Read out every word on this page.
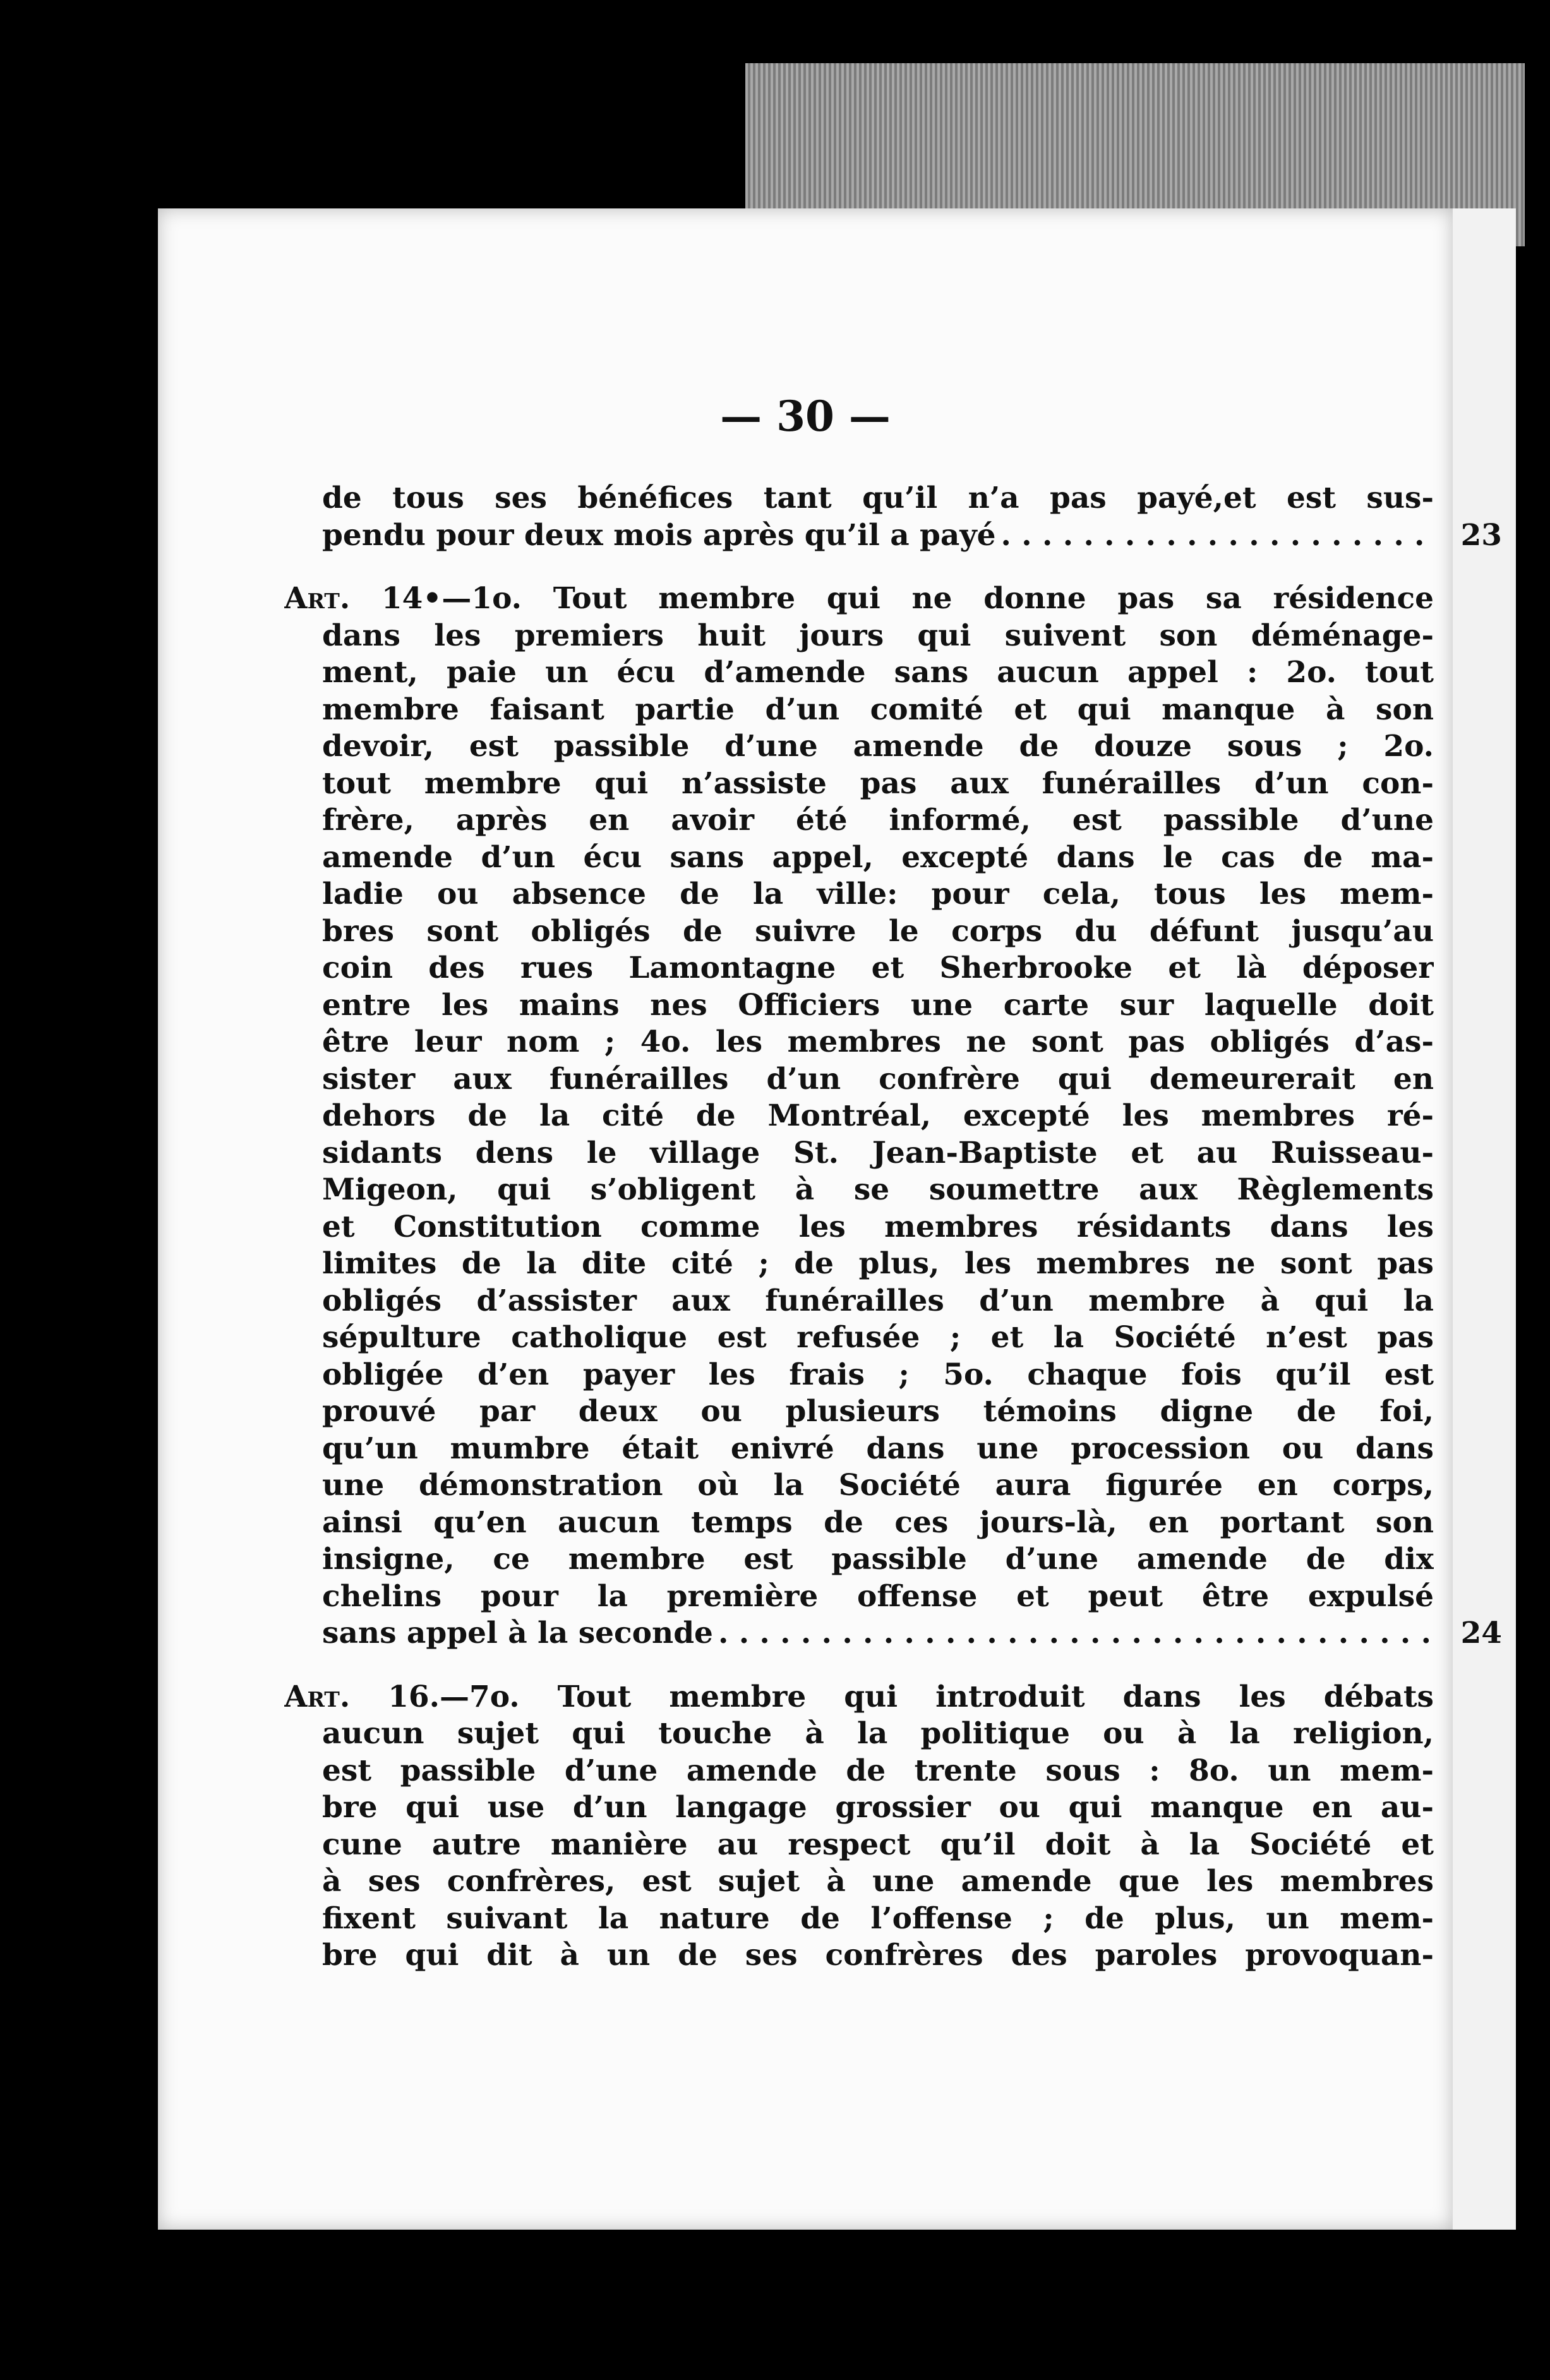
— 30 —
de tous ses bénéfices tant qu’il n’a pas payé,et est sus-
pendu pour deux mois après qu’il a payé . . .	23
Art. 14•—1o. Tout membre qui ne donne pas sa résidence
dans les premiers huit jours qui suivent son déménage-
ment, paie un écu d’amende sans aucun appel : 2o. tout
membre faisant partie d’un comité et qui manque à son
devoir, est passible d’une amende de douze sous ; 2o.
tout membre qui n’assiste pas aux funérailles d’un con-
frère, après en avoir été informé, est passible d’une
amende d’un écu sans appel, excepté dans le cas de ma-
ladie ou absence de la ville: pour cela, tous les mem-
bres sont obligés de suivre le corps du défunt jusqu’au
coin des rues Lamontagne et Sherbrooke et là déposer
entre les mains nes Officiers une carte sur laquelle doit
être leur nom ; 4o. les membres ne sont pas obligés d’as-
sister aux funérailles d’un confrère qui demeurerait en
dehors de la cité de Montréal, excepté les membres ré-
sidants dens le village St. Jean-Baptiste et au Ruisseau-
Migeon, qui s’obligent à se soumettre aux Règlements
et Constitution comme les membres résidants dans les
limites de la dite cité ; de plus, les membres ne sont pas
obligés d’assister aux funérailles d’un membre à qui la
sépulture catholique est refusée ; et la Société n’est pas
obligée d’en payer les frais ; 5o. chaque fois qu’il est
prouvé par deux ou plusieurs témoins digne de foi,
qu’un mumbre était enivré dans une procession ou dans
une démonstration où la Société aura figurée en corps,
ainsi qu’en aucun temps de ces jours-là, en portant son
insigne, ce membre est passible d’une amende de dix
chelins pour la première offense et peut être expulsé
sans appel à la seconde . . .	24
Art. 16.—7o. Tout membre qui introduit dans les débats
aucun sujet qui touche à la politique ou à la religion,
est passible d’une amende de trente sous : 8o. un mem-
bre qui use d’un langage grossier ou qui manque en au-
cune autre manière au respect qu’il doit à la Société et
à ses confrères, est sujet à une amende que les membres
fixent suivant la nature de l’offense ; de plus, un mem-
bre qui dit à un de ses confrères des paroles provoquan-
